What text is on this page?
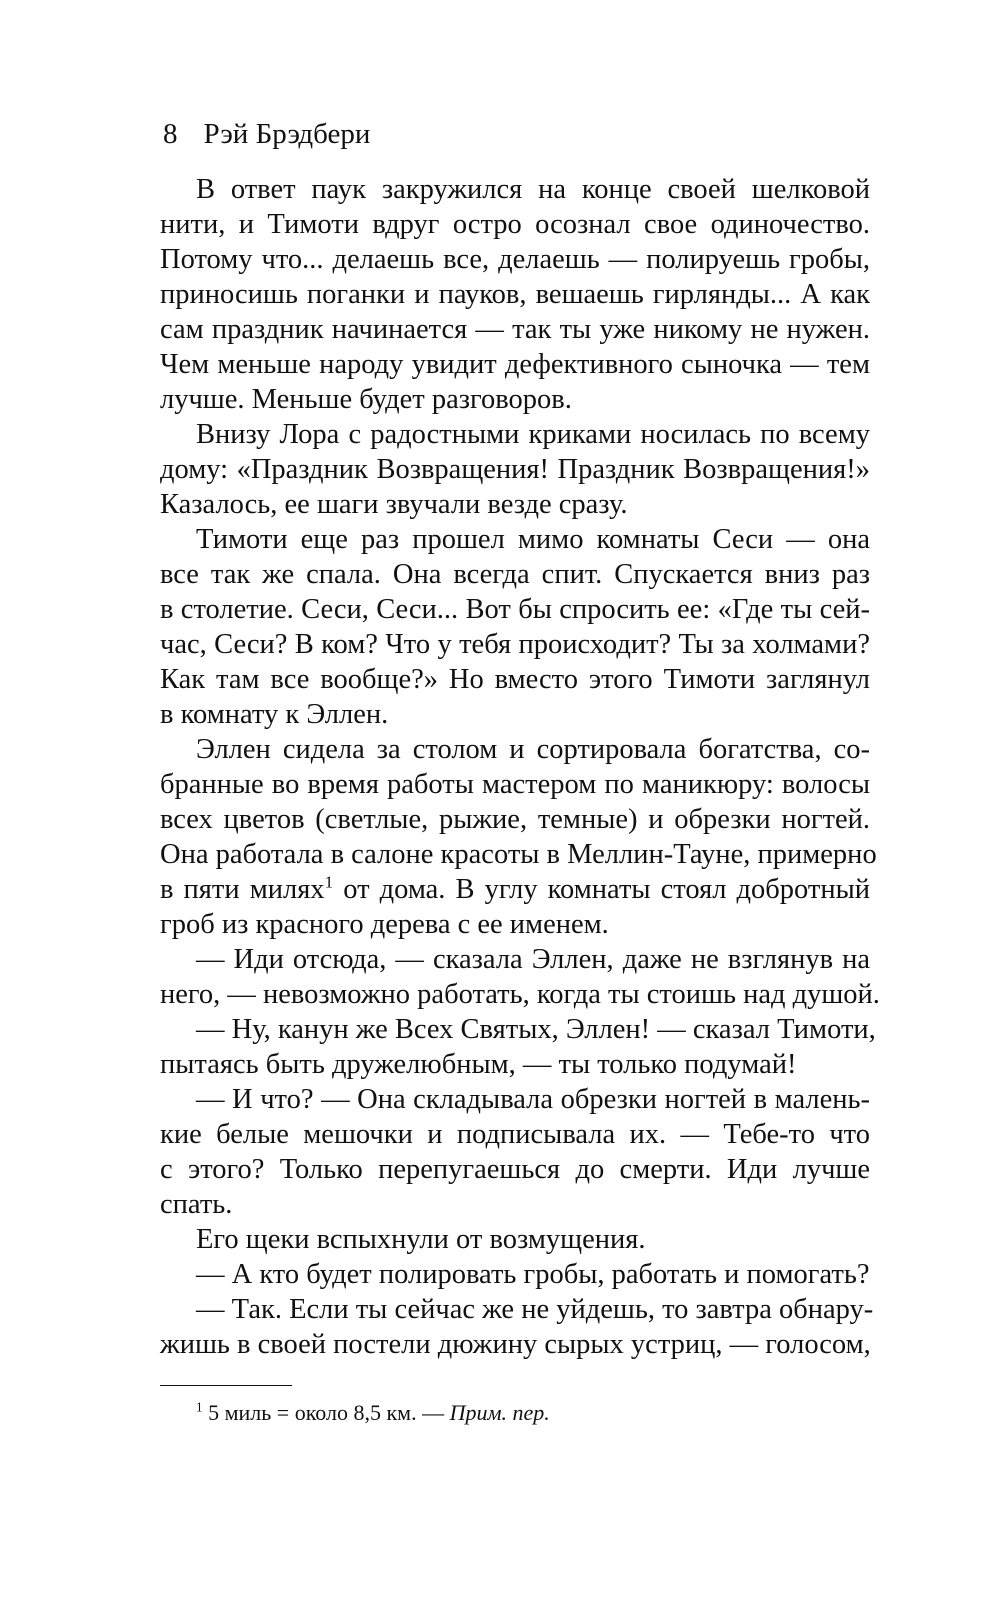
8 Рэй Брэдбери
В ответ паук закружился на конце своей шелковой
нити, и Тимоти вдруг остро осознал свое одиночество.
Потому что... делаешь все, делаешь — полируешь гробы,
приносишь поганки и пауков, вешаешь гирлянды... А как
сам праздник начинается — так ты уже никому не нужен.
Чем меньше народу увидит дефективного сыночка — тем
лучше. Меньше будет разговоров.
Внизу Лора с радостными криками носилась по всему
дому: «Праздник Возвращения! Праздник Возвращения!»
Казалось, ее шаги звучали везде сразу.
Тимоти еще раз прошел мимо комнаты Сеси — она
все так же спала. Она всегда спит. Спускается вниз раз
в столетие. Сеси, Сеси... Вот бы спросить ее: «Где ты сей-
час, Сеси? В ком? Что у тебя происходит? Ты за холмами?
Как там все вообще?» Но вместо этого Тимоти заглянул
в комнату к Эллен.
Эллен сидела за столом и сортировала богатства, со-
бранные во время работы мастером по маникюру: волосы
всех цветов (светлые, рыжие, темные) и обрезки ногтей.
Она работала в салоне красоты в Меллин-Тауне, примерно
в пяти милях$^1$ от дома. В углу комнаты стоял добротный
гроб из красного дерева с ее именем.
— Иди отсюда, — сказала Эллен, даже не взглянув на
него, — невозможно работать, когда ты стоишь над душой.
— Ну, канун же Всех Святых, Эллен! — сказал Тимоти,
пытаясь быть дружелюбным, — ты только подумай!
— И что? — Она складывала обрезки ногтей в малень-
кие белые мешочки и подписывала их. — Тебе-то что
с этого? Только перепугаешься до смерти. Иди лучше
спать.
Его щеки вспыхнули от возмущения.
— А кто будет полировать гробы, работать и помогать?
— Так. Если ты сейчас же не уйдешь, то завтра обнару-
жишь в своей постели дюжину сырых устриц, — голосом,
$^1$ 5 миль = около 8,5 км. — Прим. пер.
